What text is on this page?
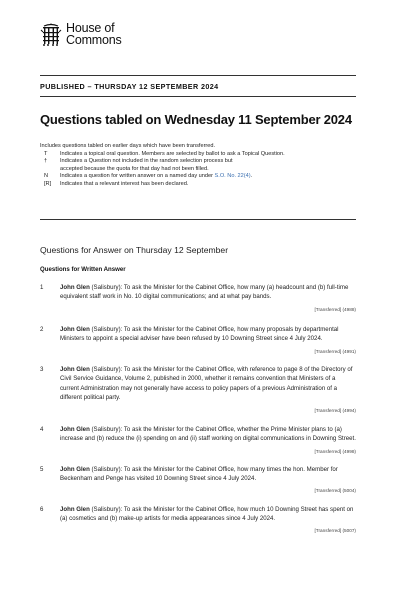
House of
Commons
PUBLISHED – THURSDAY 12 SEPTEMBER 2024
Questions tabled on Wednesday 11 September 2024
Includes questions tabled on earlier days which have been transferred.
T	Indicates a topical oral question. Members are selected by ballot to ask a Topical Question.
†	Indicates a Question not included in the random selection process but accepted because the quota for that day had not been filled.
N	Indicates a question for written answer on a named day under S.O. No. 22(4).
[R]	Indicates that a relevant interest has been declared.
Questions for Answer on Thursday 12 September
Questions for Written Answer
1	John Glen (Salisbury): To ask the Minister for the Cabinet Office, how many (a) headcount and (b) full-time equivalent staff work in No. 10 digital communications; and at what pay bands.
[Transferred] (4988)
2	John Glen (Salisbury): To ask the Minister for the Cabinet Office, how many proposals by departmental Ministers to appoint a special adviser have been refused by 10 Downing Street since 4 July 2024.
[Transferred] (4991)
3	John Glen (Salisbury): To ask the Minister for the Cabinet Office, with reference to page 8 of the Directory of Civil Service Guidance, Volume 2, published in 2000, whether it remains convention that Ministers of a current Administration may not generally have access to policy papers of a previous Administration of a different political party.
[Transferred] (4994)
4	John Glen (Salisbury): To ask the Minister for the Cabinet Office, whether the Prime Minister plans to (a) increase and (b) reduce the (i) spending on and (ii) staff working on digital communications in Downing Street.
[Transferred] (4998)
5	John Glen (Salisbury): To ask the Minister for the Cabinet Office, how many times the hon. Member for Beckenham and Penge has visited 10 Downing Street since 4 July 2024.
[Transferred] (5004)
6	John Glen (Salisbury): To ask the Minister for the Cabinet Office, how much 10 Downing Street has spent on (a) cosmetics and (b) make-up artists for media appearances since 4 July 2024.
[Transferred] (5007)
